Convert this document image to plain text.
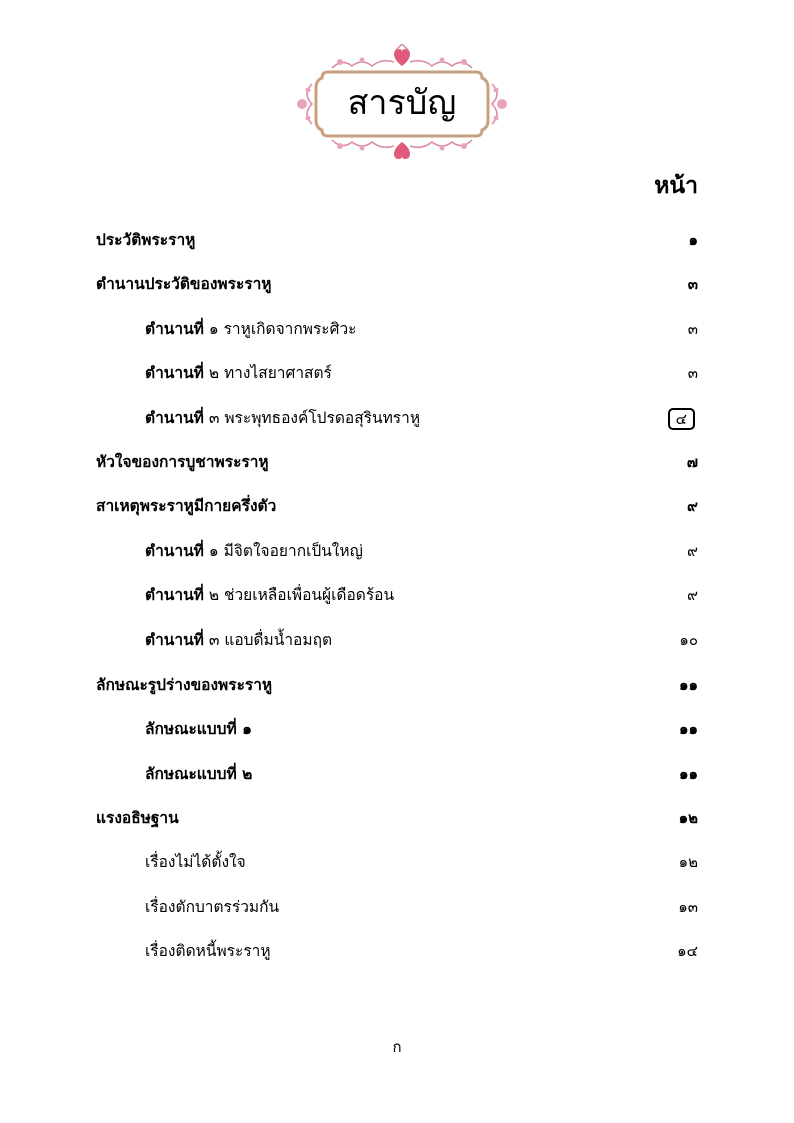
สารบัญ
หน้า
ประวัติพระราหู	๑
ตำนานประวัติของพระราหู	๓
ตำนานที่ ๑ ราหูเกิดจากพระศิวะ	๓
ตำนานที่ ๒ ทางไสยาศาสตร์	๓
ตำนานที่ ๓ พระพุทธองค์โปรดอสุรินทราหู	๔
หัวใจของการบูชาพระราหู	๗
สาเหตุพระราหูมีกายครึ่งตัว	๙
ตำนานที่ ๑ มีจิตใจอยากเป็นใหญ่	๙
ตำนานที่ ๒ ช่วยเหลือเพื่อนผู้เดือดร้อน	๙
ตำนานที่ ๓ แอบดื่มน้ำอมฤต	๑๐
ลักษณะรูปร่างของพระราหู	๑๑
ลักษณะแบบที่ ๑	๑๑
ลักษณะแบบที่ ๒	๑๑
แรงอธิษฐาน	๑๒
เรื่องไม่ได้ตั้งใจ	๑๒
เรื่องตักบาตรร่วมกัน	๑๓
เรื่องติดหนี้พระราหู	๑๔
ก
